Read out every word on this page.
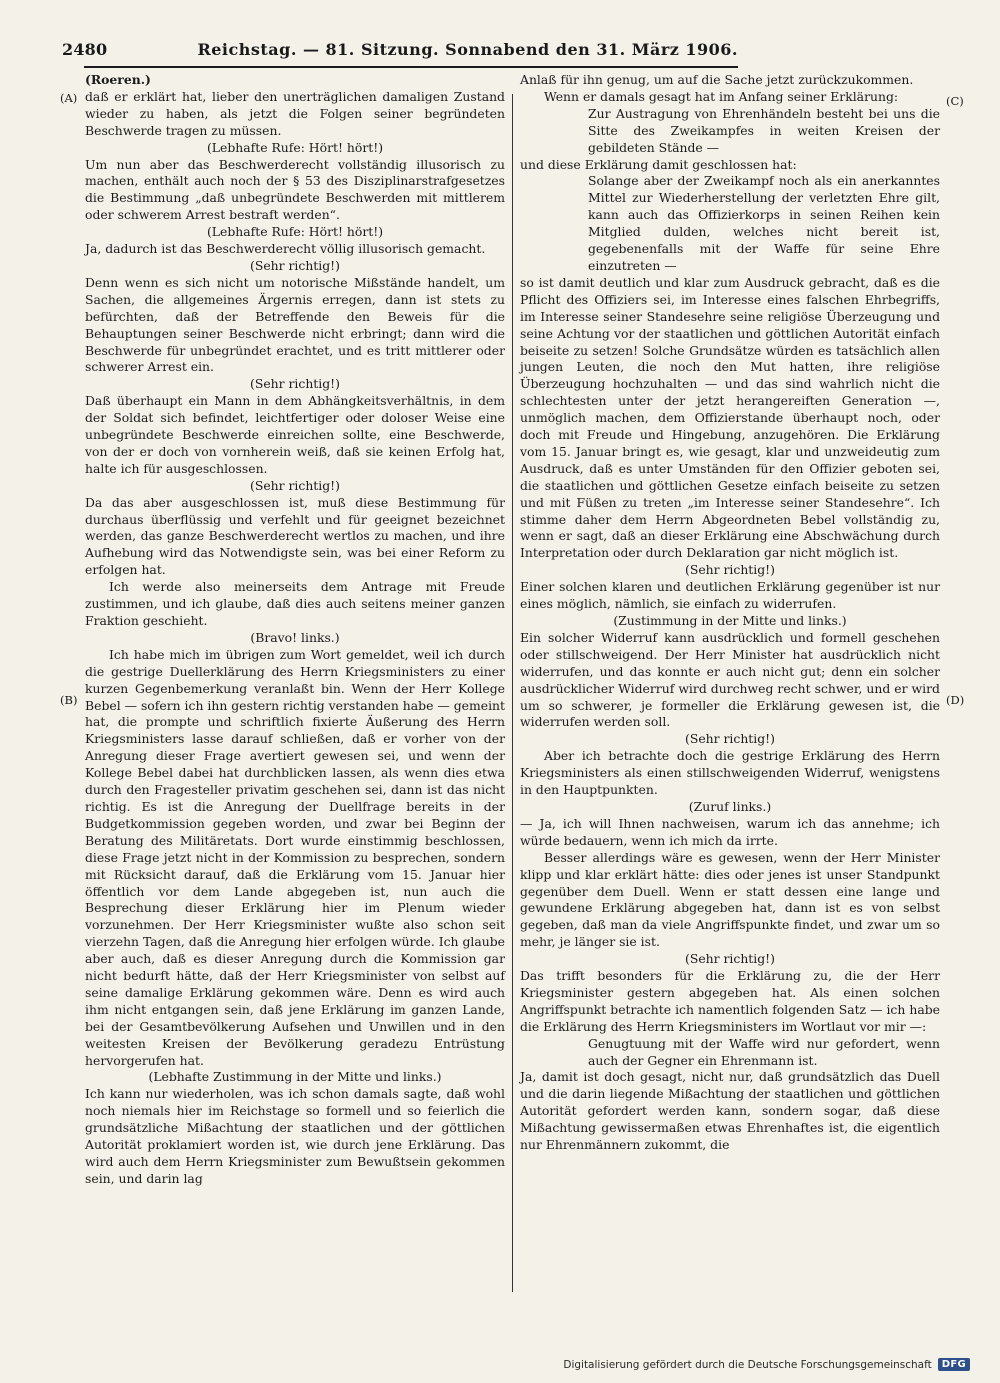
2480	Reichstag. — 81. Sitzung. Sonnabend den 31. März 1906.
(A)
(B)
(C)
(D)

(Roeren.)

daß er erklärt hat, lieber den unerträglichen damaligen Zustand wieder zu haben, als jetzt die Folgen seiner begründeten Beschwerde tragen zu müssen.

(Lebhafte Rufe: Hört! hört!)

Um nun aber das Beschwerderecht vollständig illusorisch zu machen, enthält auch noch der § 53 des Disziplinarstrafgesetzes die Bestimmung „daß unbegründete Beschwerden mit mittlerem oder schwerem Arrest bestraft werden“.

(Lebhafte Rufe: Hört! hört!)

Ja, dadurch ist das Beschwerderecht völlig illusorisch gemacht.

(Sehr richtig!)

Denn wenn es sich nicht um notorische Mißstände handelt, um Sachen, die allgemeines Ärgernis erregen, dann ist stets zu befürchten, daß der Betreffende den Beweis für die Behauptungen seiner Beschwerde nicht erbringt; dann wird die Beschwerde für unbegründet erachtet, und es tritt mittlerer oder schwerer Arrest ein.

(Sehr richtig!)

Daß überhaupt ein Mann in dem Abhängkeitsverhältnis, in dem der Soldat sich befindet, leichtfertiger oder doloser Weise eine unbegründete Beschwerde einreichen sollte, eine Beschwerde, von der er doch von vornherein weiß, daß sie keinen Erfolg hat, halte ich für ausgeschlossen.

(Sehr richtig!)

Da das aber ausgeschlossen ist, muß diese Bestimmung für durchaus überflüssig und verfehlt und für geeignet bezeichnet werden, das ganze Beschwerderecht wertlos zu machen, und ihre Aufhebung wird das Notwendigste sein, was bei einer Reform zu erfolgen hat.

Ich werde also meinerseits dem Antrage mit Freude zustimmen, und ich glaube, daß dies auch seitens meiner ganzen Fraktion geschieht.

(Bravo! links.)

Ich habe mich im übrigen zum Wort gemeldet, weil ich durch die gestrige Duellerklärung des Herrn Kriegsministers zu einer kurzen Gegenbemerkung veranlaßt bin. Wenn der Herr Kollege Bebel — sofern ich ihn gestern richtig verstanden habe — gemeint hat, die prompte und schriftlich fixierte Äußerung des Herrn Kriegsministers lasse darauf schließen, daß er vorher von der Anregung dieser Frage avertiert gewesen sei, und wenn der Kollege Bebel dabei hat durchblicken lassen, als wenn dies etwa durch den Fragesteller privatim geschehen sei, dann ist das nicht richtig. Es ist die Anregung der Duellfrage bereits in der Budgetkommission gegeben worden, und zwar bei Beginn der Beratung des Militäretats. Dort wurde einstimmig beschlossen, diese Frage jetzt nicht in der Kommission zu besprechen, sondern mit Rücksicht darauf, daß die Erklärung vom 15. Januar hier öffentlich vor dem Lande abgegeben ist, nun auch die Besprechung dieser Erklärung hier im Plenum wieder vorzunehmen. Der Herr Kriegsminister wußte also schon seit vierzehn Tagen, daß die Anregung hier erfolgen würde. Ich glaube aber auch, daß es dieser Anregung durch die Kommission gar nicht bedurft hätte, daß der Herr Kriegsminister von selbst auf seine damalige Erklärung gekommen wäre. Denn es wird auch ihm nicht entgangen sein, daß jene Erklärung im ganzen Lande, bei der Gesamtbevölkerung Aufsehen und Unwillen und in den weitesten Kreisen der Bevölkerung geradezu Entrüstung hervorgerufen hat.

(Lebhafte Zustimmung in der Mitte und links.)

Ich kann nur wiederholen, was ich schon damals sagte, daß wohl noch niemals hier im Reichstage so formell und so feierlich die grundsätzliche Mißachtung der staatlichen und der göttlichen Autorität proklamiert worden ist, wie durch jene Erklärung. Das wird auch dem Herrn Kriegsminister zum Bewußtsein gekommen sein, und darin lag

Anlaß für ihn genug, um auf die Sache jetzt zurückzukommen.

Wenn er damals gesagt hat im Anfang seiner Erklärung:

Zur Austragung von Ehrenhändeln besteht bei uns die Sitte des Zweikampfes in weiten Kreisen der gebildeten Stände —

und diese Erklärung damit geschlossen hat:

Solange aber der Zweikampf noch als ein anerkanntes Mittel zur Wiederherstellung der verletzten Ehre gilt, kann auch das Offizierkorps in seinen Reihen kein Mitglied dulden, welches nicht bereit ist, gegebenenfalls mit der Waffe für seine Ehre einzutreten —

so ist damit deutlich und klar zum Ausdruck gebracht, daß es die Pflicht des Offiziers sei, im Interesse eines falschen Ehrbegriffs, im Interesse seiner Standesehre seine religiöse Überzeugung und seine Achtung vor der staatlichen und göttlichen Autorität einfach beiseite zu setzen! Solche Grundsätze würden es tatsächlich allen jungen Leuten, die noch den Mut hatten, ihre religiöse Überzeugung hochzuhalten — und das sind wahrlich nicht die schlechtesten unter der jetzt herangereiften Generation —, unmöglich machen, dem Offizierstande überhaupt noch, oder doch mit Freude und Hingebung, anzugehören. Die Erklärung vom 15. Januar bringt es, wie gesagt, klar und unzweideutig zum Ausdruck, daß es unter Umständen für den Offizier geboten sei, die staatlichen und göttlichen Gesetze einfach beiseite zu setzen und mit Füßen zu treten „im Interesse seiner Standesehre“. Ich stimme daher dem Herrn Abgeordneten Bebel vollständig zu, wenn er sagt, daß an dieser Erklärung eine Abschwächung durch Interpretation oder durch Deklaration gar nicht möglich ist.

(Sehr richtig!)

Einer solchen klaren und deutlichen Erklärung gegenüber ist nur eines möglich, nämlich, sie einfach zu widerrufen.

(Zustimmung in der Mitte und links.)

Ein solcher Widerruf kann ausdrücklich und formell geschehen oder stillschweigend. Der Herr Minister hat ausdrücklich nicht widerrufen, und das konnte er auch nicht gut; denn ein solcher ausdrücklicher Widerruf wird durchweg recht schwer, und er wird um so schwerer, je formeller die Erklärung gewesen ist, die widerrufen werden soll.

(Sehr richtig!)

Aber ich betrachte doch die gestrige Erklärung des Herrn Kriegsministers als einen stillschweigenden Widerruf, wenigstens in den Hauptpunkten.

(Zuruf links.)

— Ja, ich will Ihnen nachweisen, warum ich das annehme; ich würde bedauern, wenn ich mich da irrte.

Besser allerdings wäre es gewesen, wenn der Herr Minister klipp und klar erklärt hätte: dies oder jenes ist unser Standpunkt gegenüber dem Duell. Wenn er statt dessen eine lange und gewundene Erklärung abgegeben hat, dann ist es von selbst gegeben, daß man da viele Angriffspunkte findet, und zwar um so mehr, je länger sie ist.

(Sehr richtig!)

Das trifft besonders für die Erklärung zu, die der Herr Kriegsminister gestern abgegeben hat. Als einen solchen Angriffspunkt betrachte ich namentlich folgenden Satz — ich habe die Erklärung des Herrn Kriegsministers im Wortlaut vor mir —:

Genugtuung mit der Waffe wird nur gefordert, wenn auch der Gegner ein Ehrenmann ist.

Ja, damit ist doch gesagt, nicht nur, daß grundsätzlich das Duell und die darin liegende Mißachtung der staatlichen und göttlichen Autorität gefordert werden kann, sondern sogar, daß diese Mißachtung gewissermaßen etwas Ehrenhaftes ist, die eigentlich nur Ehrenmännern zukommt, die

Digitalisierung gefördert durch die Deutsche Forschungsgemeinschaft	DFG
